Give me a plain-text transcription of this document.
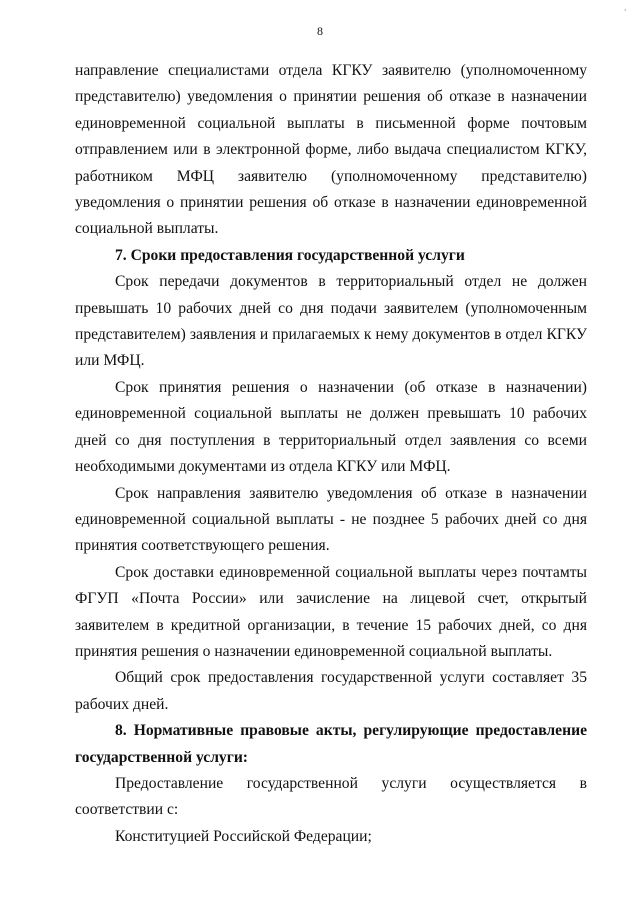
8
'

направление специалистами отдела КГКУ заявителю (уполномоченному представителю) уведомления о принятии решения об отказе в назначении единовременной социальной выплаты в письменной форме почтовым отправлением или в электронной форме, либо выдача специалистом КГКУ, работником МФЦ заявителю (уполномоченному представителю) уведомления о принятии решения об отказе в назначении единовременной социальной выплаты.

7. Сроки предоставления государственной услуги

Срок передачи документов в территориальный отдел не должен превышать 10 рабочих дней со дня подачи заявителем (уполномоченным представителем) заявления и прилагаемых к нему документов в отдел КГКУ или МФЦ.

Срок принятия решения о назначении (об отказе в назначении) единовременной социальной выплаты не должен превышать 10 рабочих дней со дня поступления в территориальный отдел заявления со всеми необходимыми документами из отдела КГКУ или МФЦ.

Срок направления заявителю уведомления об отказе в назначении единовременной социальной выплаты - не позднее 5 рабочих дней со дня принятия соответствующего решения.

Срок доставки единовременной социальной выплаты через почтамты ФГУП «Почта России» или зачисление на лицевой счет, открытый заявителем в кредитной организации, в течение 15 рабочих дней, со дня принятия решения о назначении единовременной социальной выплаты.

Общий срок предоставления государственной услуги составляет 35 рабочих дней.

8. Нормативные правовые акты, регулирующие предоставление государственной услуги:

Предоставление государственной услуги осуществляется в соответствии с:

Конституцией Российской Федерации;
